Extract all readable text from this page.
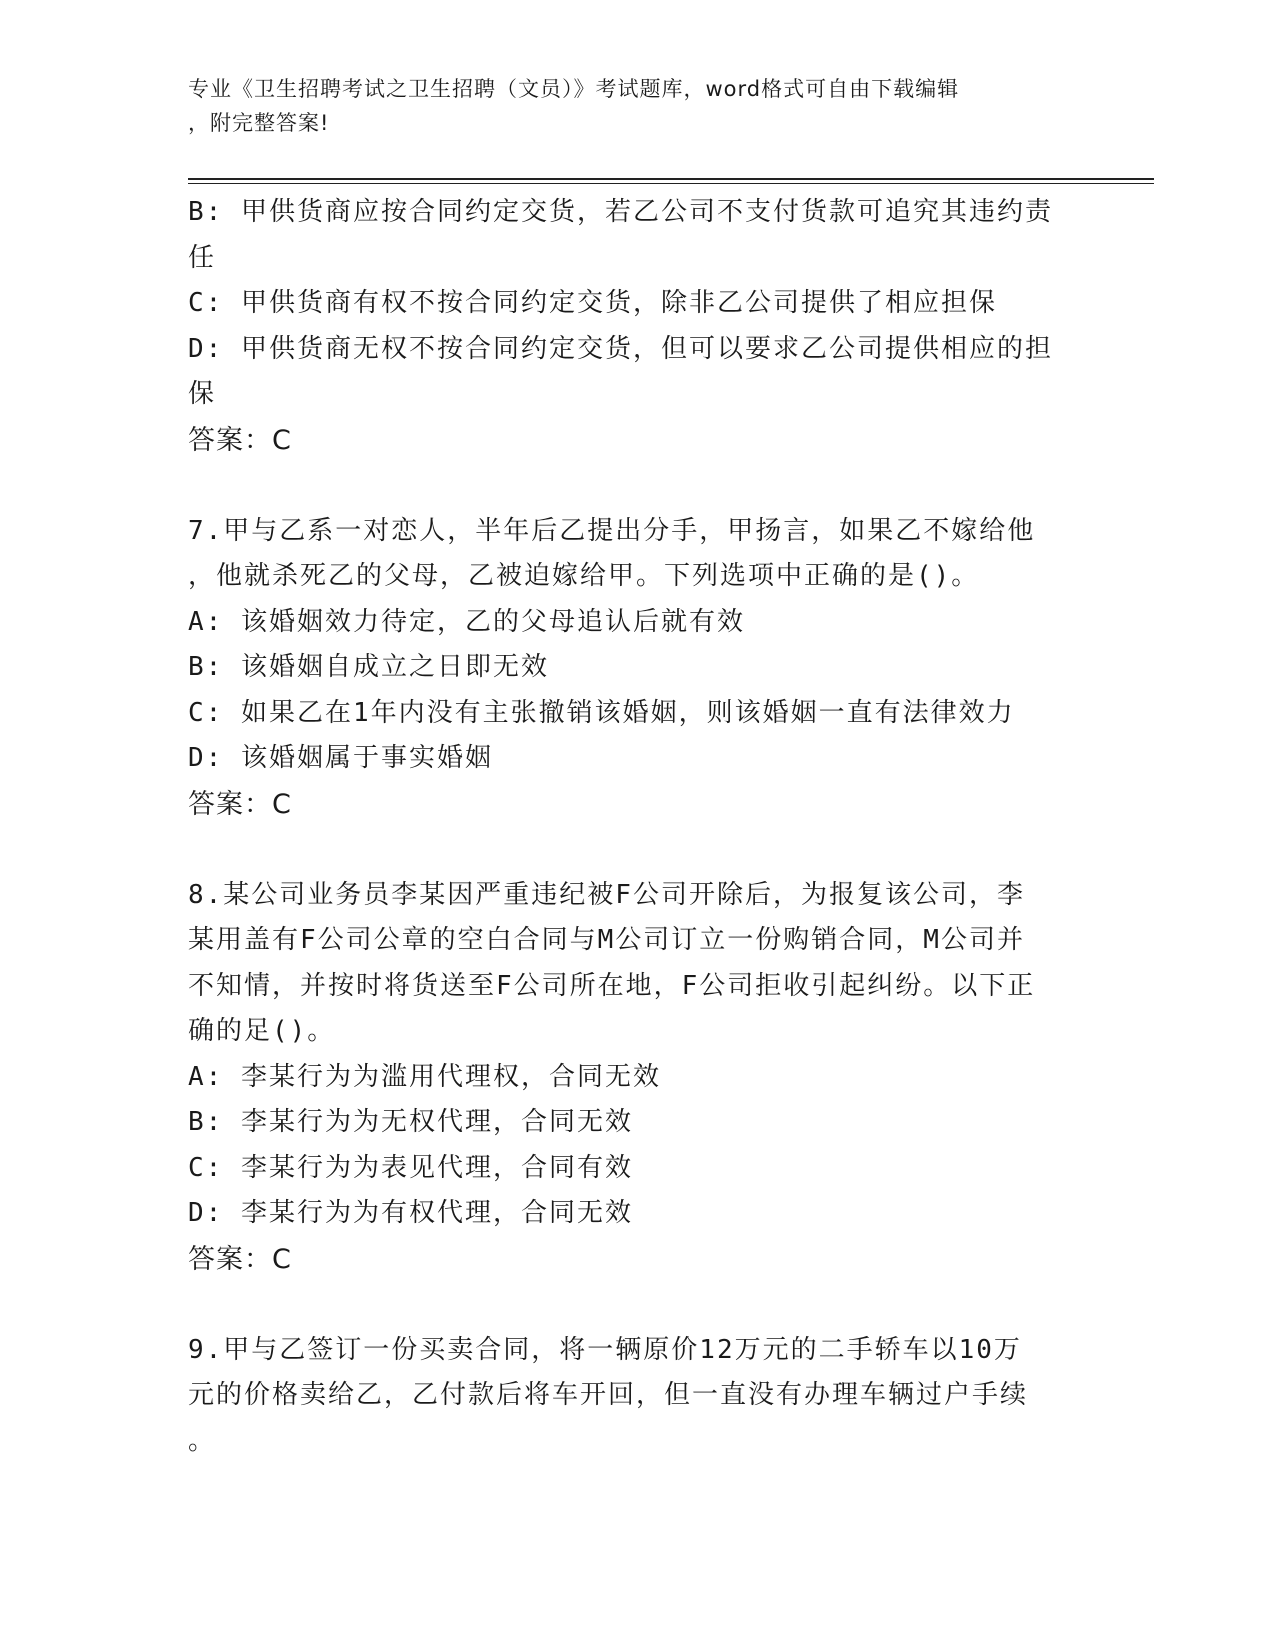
专业《卫生招聘考试之卫生招聘（文员）》考试题库，word格式可自由下载编辑
，附完整答案!

B: 甲供货商应按合同约定交货，若乙公司不支付货款可追究其违约责

任

C: 甲供货商有权不按合同约定交货，除非乙公司提供了相应担保

D: 甲供货商无权不按合同约定交货，但可以要求乙公司提供相应的担

保

答案：C

7.甲与乙系一对恋人，半年后乙提出分手，甲扬言，如果乙不嫁给他

，他就杀死乙的父母，乙被迫嫁给甲。下列选项中正确的是()。

A: 该婚姻效力待定，乙的父母追认后就有效

B: 该婚姻自成立之日即无效

C: 如果乙在1年内没有主张撤销该婚姻，则该婚姻一直有法律效力

D: 该婚姻属于事实婚姻

答案：C

8.某公司业务员李某因严重违纪被F公司开除后，为报复该公司，李

某用盖有F公司公章的空白合同与M公司订立一份购销合同，M公司并

不知情，并按时将货送至F公司所在地，F公司拒收引起纠纷。以下正

确的足()。

A: 李某行为为滥用代理权，合同无效

B: 李某行为为无权代理，合同无效

C: 李某行为为表见代理，合同有效

D: 李某行为为有权代理，合同无效

答案：C

9.甲与乙签订一份买卖合同，将一辆原价12万元的二手轿车以10万

元的价格卖给乙，乙付款后将车开回，但一直没有办理车辆过户手续

。
